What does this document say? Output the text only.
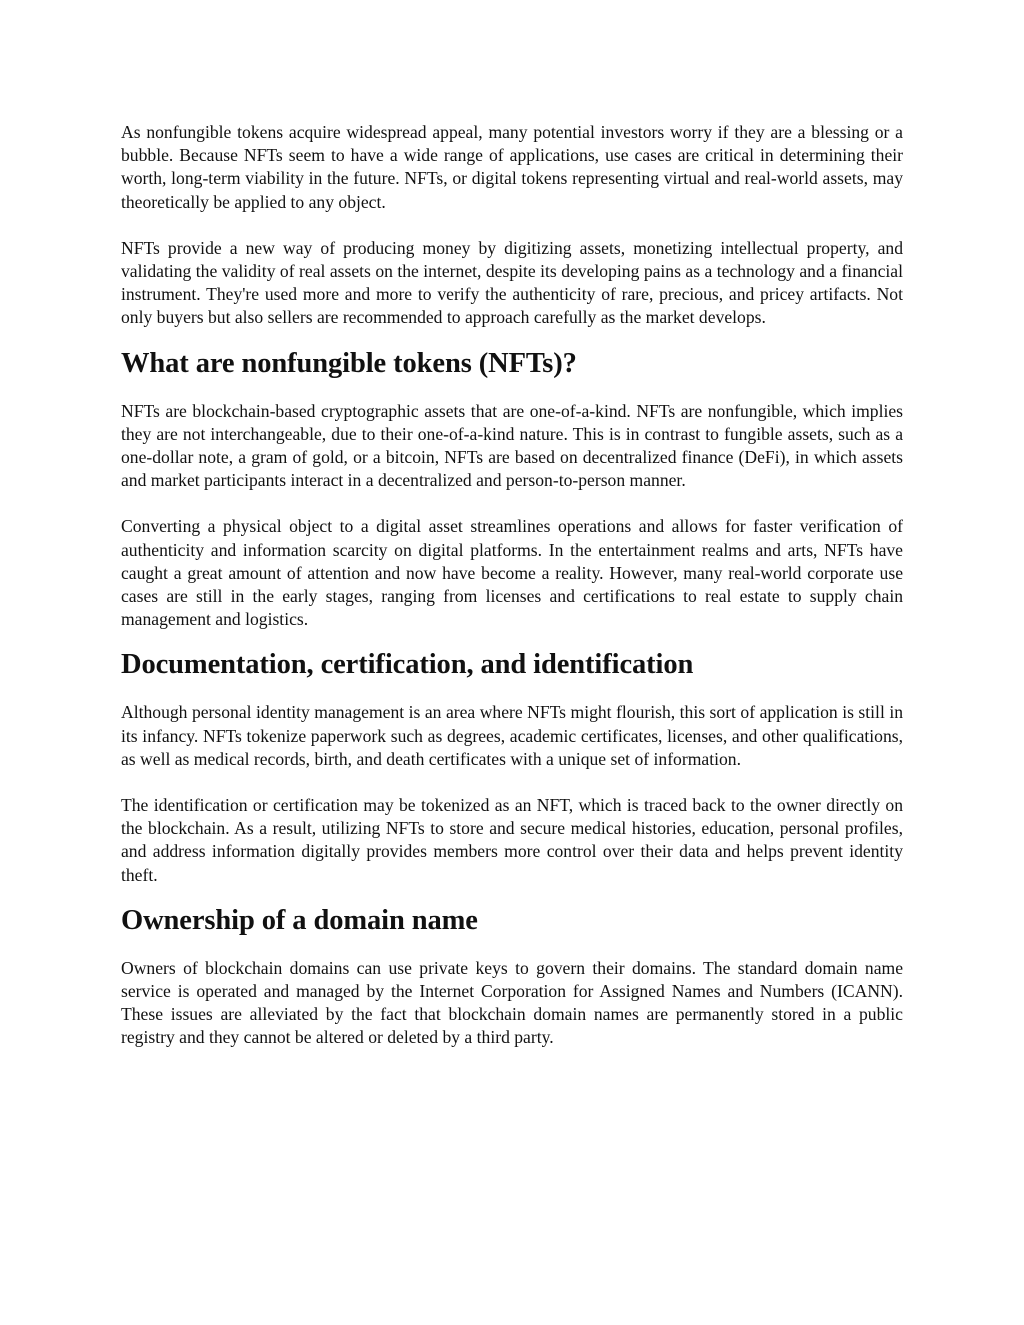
As nonfungible tokens acquire widespread appeal, many potential investors worry if they are a blessing or a bubble. Because NFTs seem to have a wide range of applications, use cases are critical in determining their worth, long-term viability in the future. NFTs, or digital tokens representing virtual and real-world assets, may theoretically be applied to any object.

NFTs provide a new way of producing money by digitizing assets, monetizing intellectual property, and validating the validity of real assets on the internet, despite its developing pains as a technology and a financial instrument. They're used more and more to verify the authenticity of rare, precious, and pricey artifacts. Not only buyers but also sellers are recommended to approach carefully as the market develops.

What are nonfungible tokens (NFTs)?

NFTs are blockchain-based cryptographic assets that are one-of-a-kind. NFTs are nonfungible, which implies they are not interchangeable, due to their one-of-a-kind nature. This is in contrast to fungible assets, such as a one-dollar note, a gram of gold, or a bitcoin, NFTs are based on decentralized finance (DeFi), in which assets and market participants interact in a decentralized and person-to-person manner.

Converting a physical object to a digital asset streamlines operations and allows for faster verification of authenticity and information scarcity on digital platforms. In the entertainment realms and arts, NFTs have caught a great amount of attention and now have become a reality. However, many real-world corporate use cases are still in the early stages, ranging from licenses and certifications to real estate to supply chain management and logistics.

Documentation, certification, and identification

Although personal identity management is an area where NFTs might flourish, this sort of application is still in its infancy. NFTs tokenize paperwork such as degrees, academic certificates, licenses, and other qualifications, as well as medical records, birth, and death certificates with a unique set of information.

The identification or certification may be tokenized as an NFT, which is traced back to the owner directly on the blockchain. As a result, utilizing NFTs to store and secure medical histories, education, personal profiles, and address information digitally provides members more control over their data and helps prevent identity theft.

Ownership of a domain name

Owners of blockchain domains can use private keys to govern their domains. The standard domain name service is operated and managed by the Internet Corporation for Assigned Names and Numbers (ICANN). These issues are alleviated by the fact that blockchain domain names are permanently stored in a public registry and they cannot be altered or deleted by a third party.
